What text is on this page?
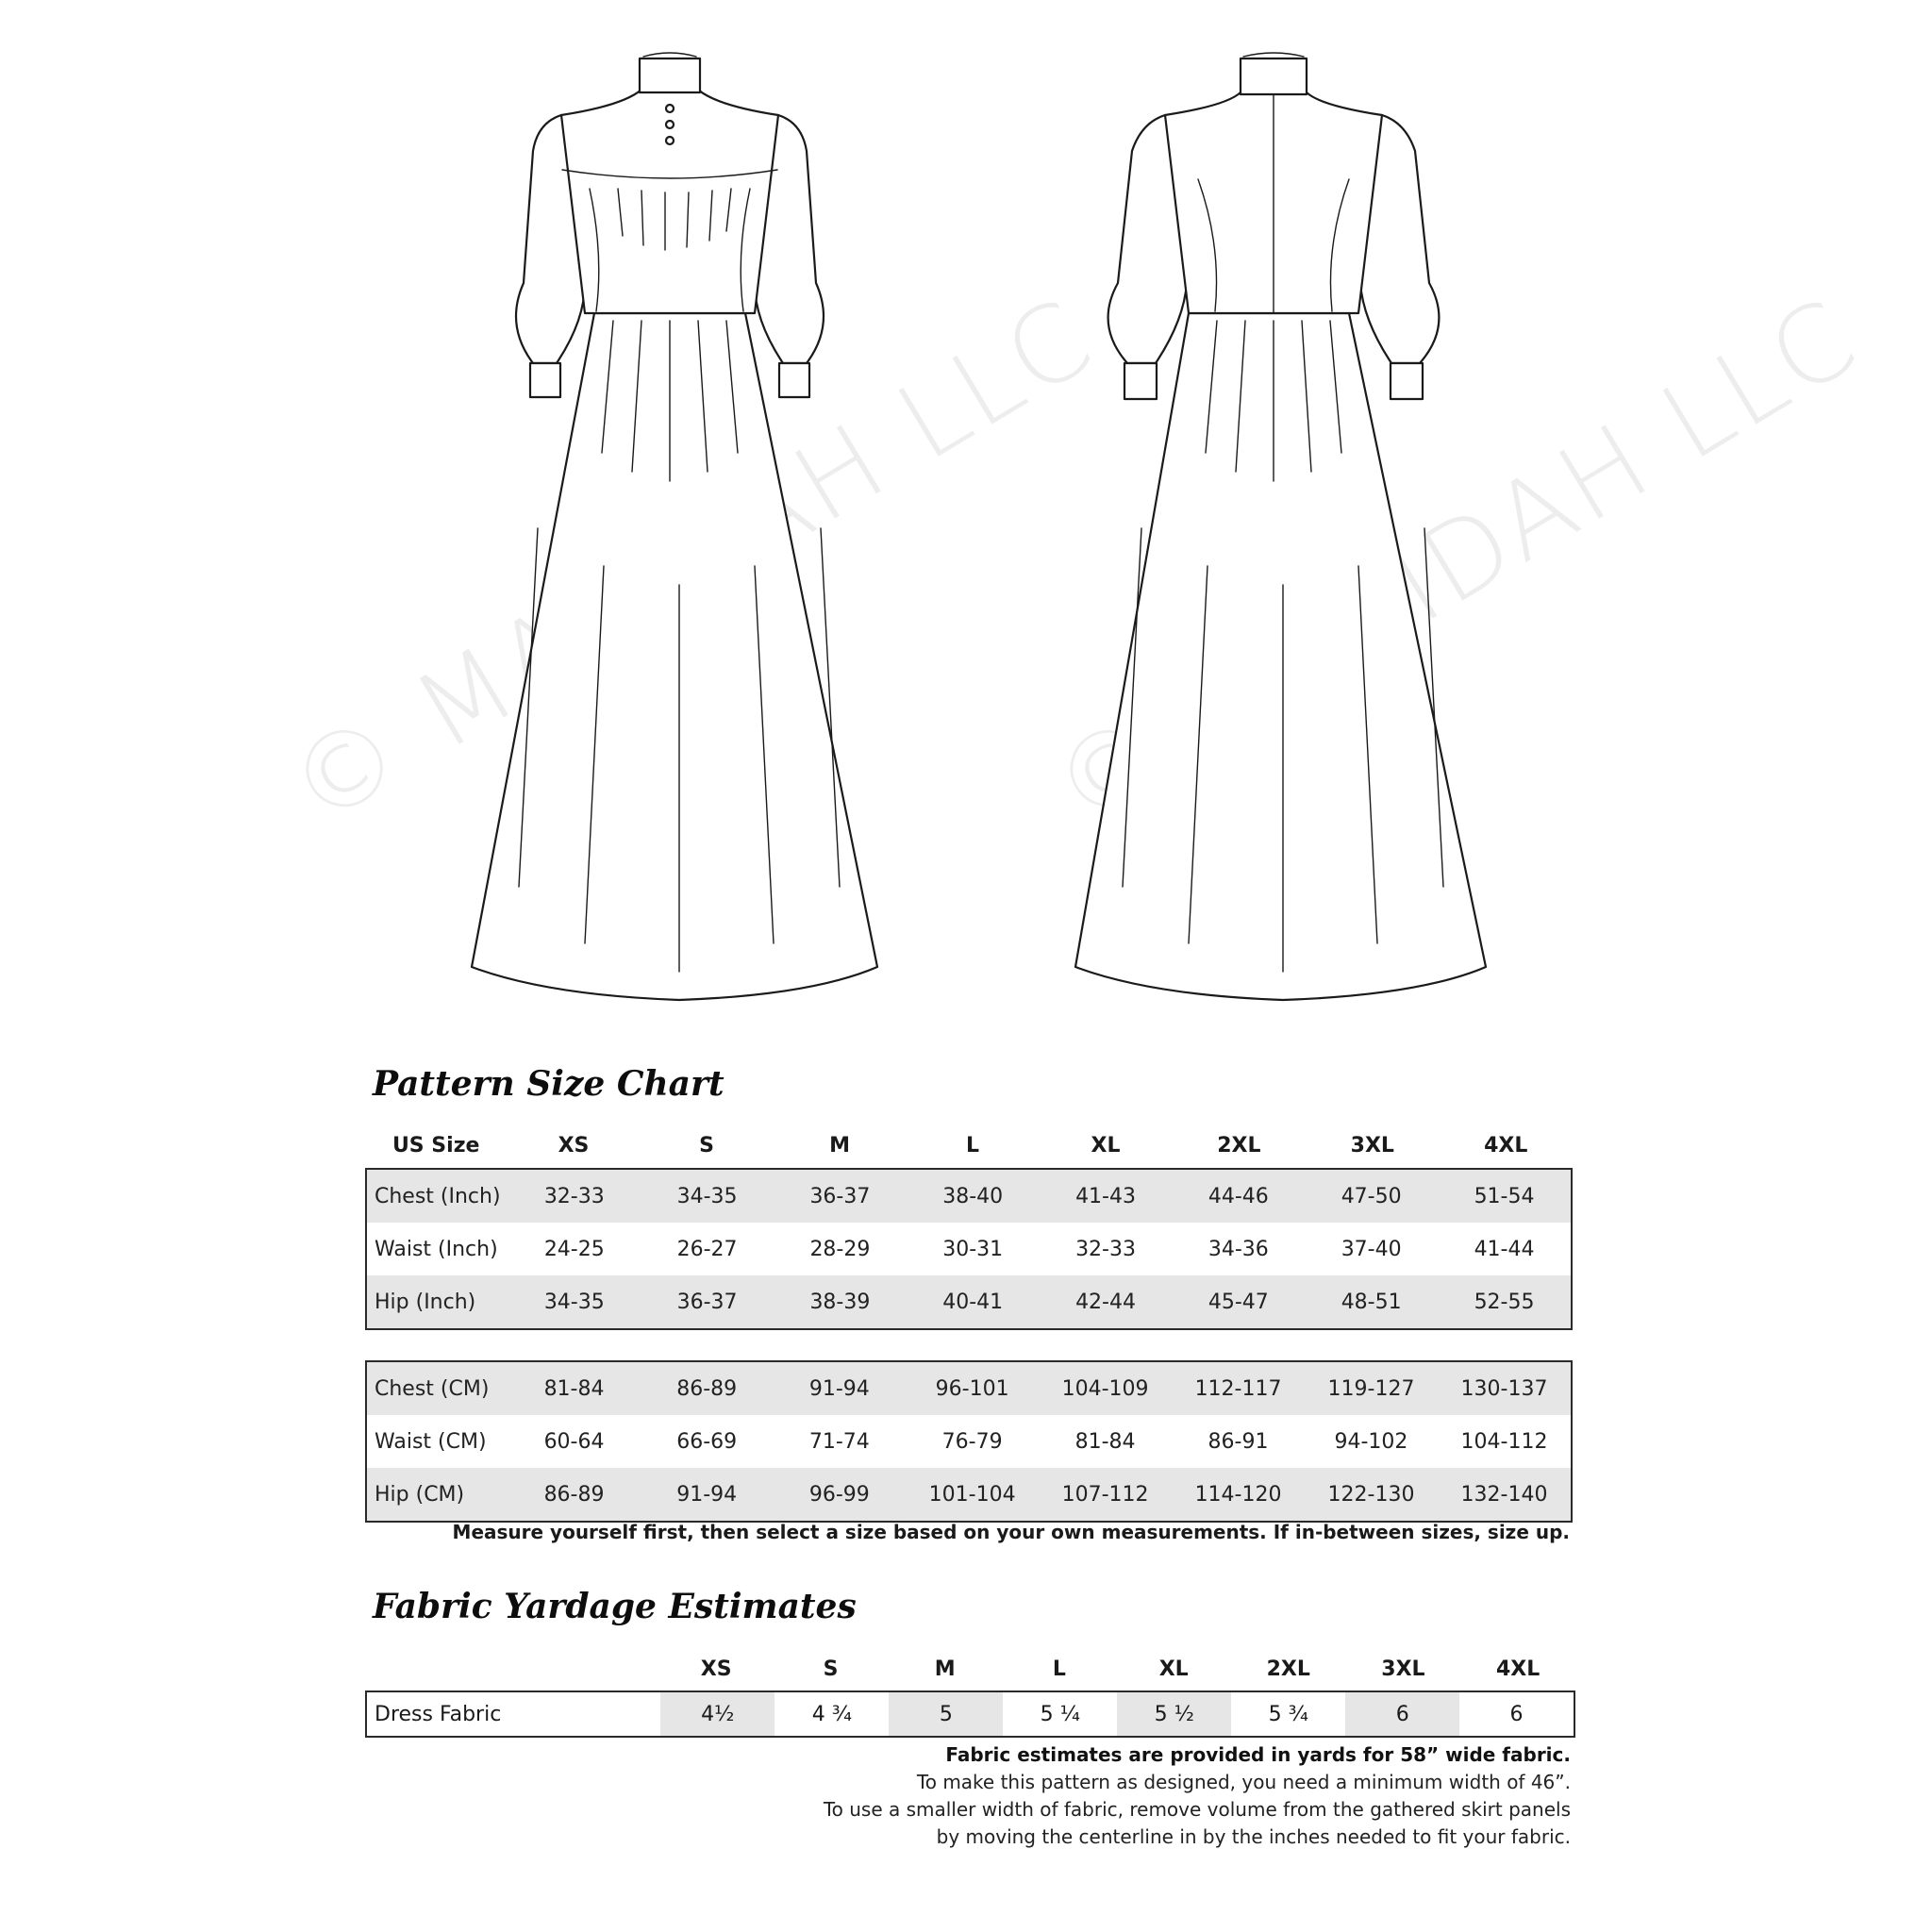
© LLC
© MARIDAH LLC
Pattern Size Chart
US Size	XS	S	M	L	XL	2XL	3XL	4XL
Chest (Inch)	32-33	34-35	36-37	38-40	41-43	44-46	47-50	51-54
Waist (Inch)	24-25	26-27	28-29	30-31	32-33	34-36	37-40	41-44
Hip (Inch)	34-35	36-37	38-39	40-41	42-44	45-47	48-51	52-55
Chest (CM)	81-84	86-89	91-94	96-101	104-109	112-117	119-127	130-137
Waist (CM)	60-64	66-69	71-74	76-79	81-84	86-91	94-102	104-112
Hip (CM)	86-89	91-94	96-99	101-104	107-112	114-120	122-130	132-140
Measure yourself first, then select a size based on your own measurements. If in-between sizes, size up.
Fabric Yardage Estimates
	XS	S	M	L	XL	2XL	3XL	4XL
Dress Fabric	4½	4 ¾	5	5 ¼	5 ½	5 ¾	6	6
Fabric estimates are provided in yards for 58” wide fabric.
To make this pattern as designed, you need a minimum width of 46”.
To use a smaller width of fabric, remove volume from the gathered skirt panels
by moving the centerline in by the inches needed to fit your fabric.
